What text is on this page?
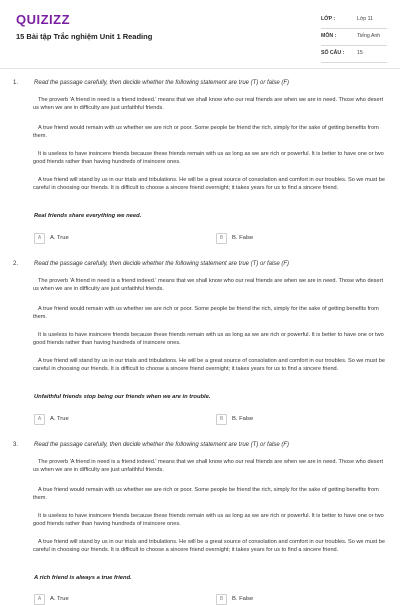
QUIZIZZ
15 Bài tập Trắc nghiệm Unit 1 Reading
LỚP :	Lớp 11
MÔN :	Tiếng Anh
SỐ CÂU : 15
1.	Read the passage carefully, then decide whether the following statement are true (T) or false (F)

The proverb 'A friend in need is a friend indeed.' means that we shall know who our real friends are when we are in need. Those who desert us when we are in difficulty are just unfaithful friends.

A true friend would remain with us whether we are rich or poor. Some people be friend the rich, simply for the sake of getting benefits from them.

It is useless to have insincere friends because these friends remain with us as long as we are rich or powerful. It is better to have one or two good friends rather than having hundreds of insincere ones.

A true friend will stand by us in our trials and tribulations. He will be a great source of consolation and comfort in our troubles. So we must be careful in choosing our friends. It is difficult to choose a sincere friend overnight; it takes years for us to find a sincere friend.

Real friends share everything we need.
A	A. True	B	B. False
2.	Read the passage carefully, then decide whether the following statement are true (T) or false (F)

The proverb 'A friend in need is a friend indeed.' means that we shall know who our real friends are when we are in need. Those who desert us when we are in difficulty are just unfaithful friends.

A true friend would remain with us whether we are rich or poor. Some people be friend the rich, simply for the sake of getting benefits from them.

It is useless to have insincere friends because these friends remain with us as long as we are rich or powerful. It is better to have one or two good friends rather than having hundreds of insincere ones.

A true friend will stand by us in our trials and tribulations. He will be a great source of consolation and comfort in our troubles. So we must be careful in choosing our friends. It is difficult to choose a sincere friend overnight; it takes years for us to find a sincere friend.

Unfaithful friends stop being our friends when we are in trouble.
A	A. True	B	B. False
3.	Read the passage carefully, then decide whether the following statement are true (T) or false (F)

The proverb 'A friend in need is a friend indeed.' means that we shall know who our real friends are when we are in need. Those who desert us when we are in difficulty are just unfaithful friends.

A true friend would remain with us whether we are rich or poor. Some people be friend the rich, simply for the sake of getting benefits from them.

It is useless to have insincere friends because these friends remain with us as long as we are rich or powerful. It is better to have one or two good friends rather than having hundreds of insincere ones.

A true friend will stand by us in our trials and tribulations. He will be a great source of consolation and comfort in our troubles. So we must be careful in choosing our friends. It is difficult to choose a sincere friend overnight; it takes years for us to find a sincere friend.

A rich friend is always a true friend.
A	A. True	B	B. False
